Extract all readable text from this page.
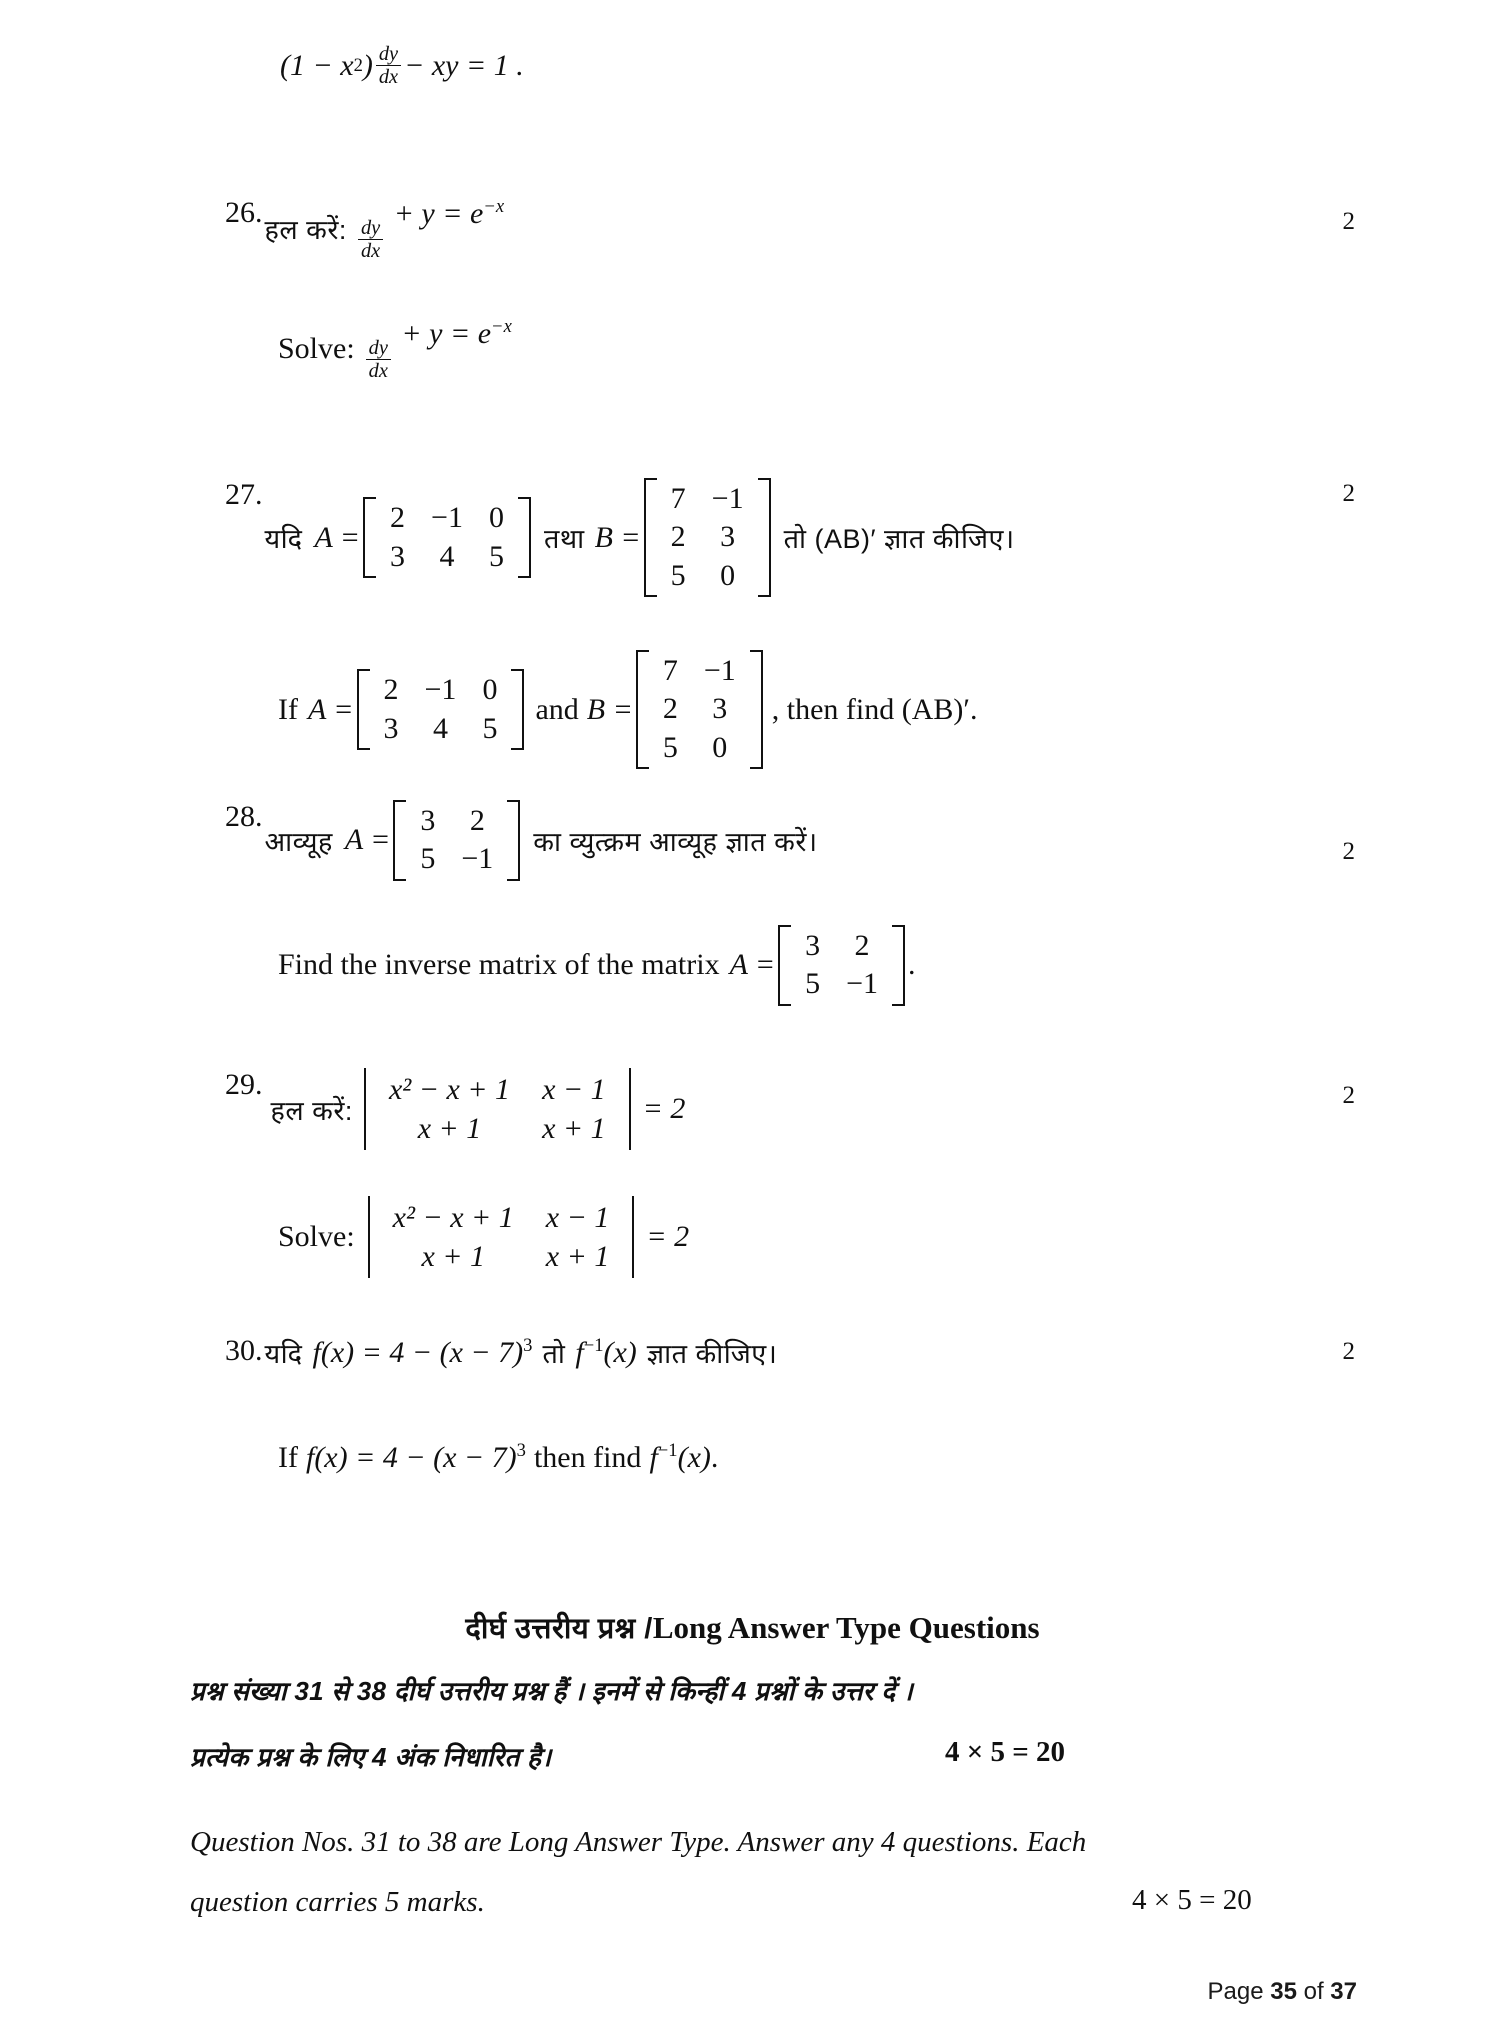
(1 − x 2 ) $\frac{dy}{dx}$ − xy = 1 .
26.
हल करें: $\frac{dy}{dx}$
+ $y = e^{-x}$
2
Solve: $\frac{dy}{dx}$
+ $y = e^{-x}$
27.
यदि A =
2 −1 0
3	4	5
तथा B =
7 −1
2	3
5	0
तो (AB)′ ज्ञात कीजिए।
2
If A =
2 −1 0
3	4	5
and B =
7 −1
2	3
5	0
, then find (AB)′.
28.
आव्यूह A =
3	2
5 −1
का व्युत्क्रम आव्यूह ज्ञात करें।	2
Find the inverse matrix of the matrix A =
3	2
5 −1
.
29.
हल करें:
x² − x + 1	x − 1
x + 1	x + 1
= 2	2
Solve:
x² − x + 1	x − 1
x + 1	x + 1
= 2
30. यदि $f(x) = 4 - (x - 7)^3$ तो $f^{-1}(x)$ ज्ञात कीजिए।	2
If $f(x) = 4 - (x - 7)^3$ then find $f^{-1}(x)$ .
दीर्घ उत्तरीय प्रश्न /Long Answer Type Questions
प्रश्न संख्या 31 से 38 दीर्घ उत्तरीय प्रश्न हैं । इनमें से किन्हीं 4 प्रश्नों के उत्तर दें ।
प्रत्येक प्रश्न के लिए 4 अंक निधारित है।	4 × 5 = 20
Question Nos. 31 to 38 are Long Answer Type. Answer any 4 questions. Each
question carries 5 marks.	4 × 5 = 20
Page 35 of 37
